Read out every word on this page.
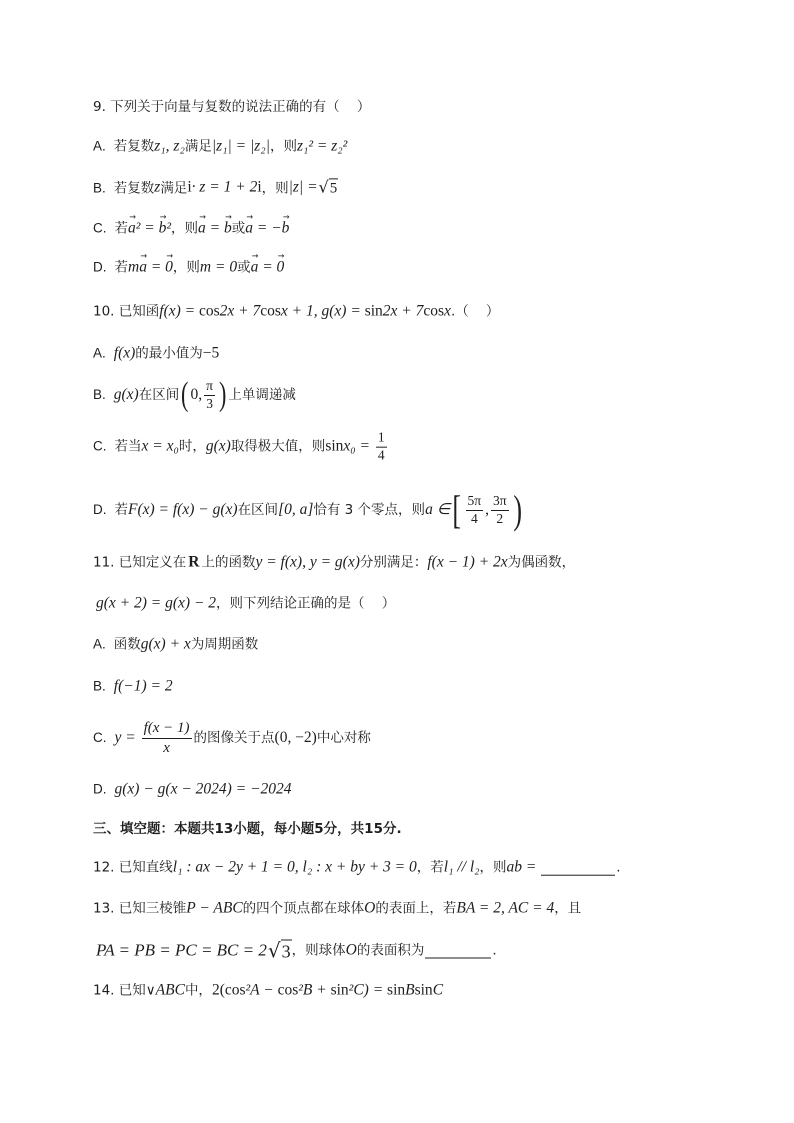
9. 下列关于向量与复数的说法正确的有（    ）
A. 若复数 z₁, z₂ 满足 |z₁| = |z₂| ，则 z₁² = z₂²
B. 若复数 z 满足 i · z = 1 + 2 i ，则 |z| = √ 5
C. 若 → a ² = → b ² ，则 → a = → b 或 → a = − → b
D. 若 m → a = → 0 ，则 m = 0 或 → a = → 0
10. 已知函 f(x) = cos 2x + 7 cos x + 1, g(x) = sin 2x + 7 cos x .（    ）
A. f(x) 的最小值为 −5
B. g(x) 在区间 ( 0, $\frac{\pi}{3}$ ) 上单调递减
C. 若当 x = x₀ 时， g(x) 取得极大值，则 $\sin x_0 = \frac{1}{4}$
D. 若 F(x) = f(x) − g(x) 在区间 [0, a] 恰有 3 个零点，则 a ∈ [ $\frac{5\pi}{4}$ , $\frac{3\pi}{2}$ )
11. 已知定义在 R 上的函数 y = f(x), y = g(x) 分别满足： f(x − 1) + 2x 为偶函数，
g(x + 2) = g(x) − 2 ，则下列结论正确的是（    ）
A. 函数 g(x) + x 为周期函数
B. f(−1) = 2
C. $y = \frac{f(x - 1)}{x}$ 的图像关于点 (0, −2) 中心对称
D. g(x) − g(x − 2024) = −2024
三、填空题：本题共13小题，每小题5分，共15分.
12. 已知直线 l₁ : ax − 2y + 1 = 0, l₂ : x + by + 3 = 0 ，若 l₁ // l₂ ，则 ab =	.
13. 已知三棱锥 P − ABC 的四个顶点都在球体 O 的表面上，若 BA = 2, AC = 4 ，且
PA = PB = PC = BC = 2 √ 3 ，则球体 O 的表面积为	.
14. 已知∨ ABC 中， 2( cos ²A − cos ²B + sin ²C) = sin B sin C
